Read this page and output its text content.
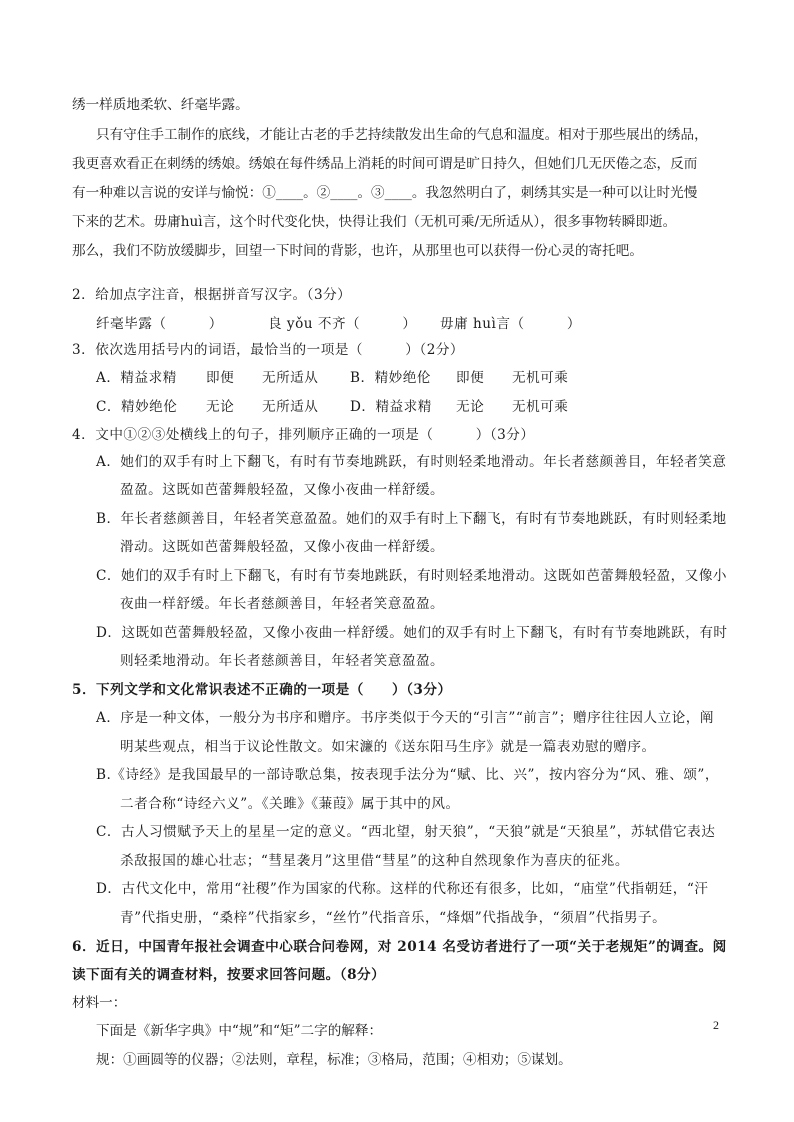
绣一样质地柔软、纤毫毕露。
只有守住手工制作的底线，才能让古老的手艺持续散发出生命的气息和温度。相对于那些展出的绣品，
我更喜欢看正在刺绣的绣娘。绣娘在每件绣品上消耗的时间可谓是旷日持久，但她们几无厌倦之态，反而
有一种难以言说的安详与愉悦：①____。②____。③____。我忽然明白了，刺绣其实是一种可以让时光慢
下来的艺术。毋庸huì言，这个时代变化快，快得让我们（无机可乘/无所适从），很多事物转瞬即逝。
那么，我们不防放缓脚步，回望一下时间的背影，也许，从那里也可以获得一份心灵的寄托吧。
2．给加点字注音，根据拼音写汉字。（3分）
纤毫毕露（　　　）	良 yǒu 不齐（　　　） 毋庸 huì言（　　　）
3．依次选用括号内的词语，最恰当的一项是（　　　）（2分）
A．精益求精 即便 无所适从 B．精妙绝伦 即便 无机可乘
C．精妙绝伦 无论 无所适从 D．精益求精 无论 无机可乘
4．文中①②③处横线上的句子，排列顺序正确的一项是（　　　）（3分）
A．她们的双手有时上下翻飞，有时有节奏地跳跃，有时则轻柔地滑动。年长者慈颜善目，年轻者笑意
盈盈。这既如芭蕾舞般轻盈，又像小夜曲一样舒缓。
B．年长者慈颜善目，年轻者笑意盈盈。她们的双手有时上下翻飞，有时有节奏地跳跃，有时则轻柔地
滑动。这既如芭蕾舞般轻盈，又像小夜曲一样舒缓。
C．她们的双手有时上下翻飞，有时有节奏地跳跃，有时则轻柔地滑动。这既如芭蕾舞般轻盈，又像小
夜曲一样舒缓。年长者慈颜善目，年轻者笑意盈盈。
D．这既如芭蕾舞般轻盈，又像小夜曲一样舒缓。她们的双手有时上下翻飞，有时有节奏地跳跃，有时
则轻柔地滑动。年长者慈颜善目，年轻者笑意盈盈。
5．下列文学和文化常识表述不正确的一项是（　　）（3分）
A．序是一种文体，一般分为书序和赠序。书序类似于今天的“引言”“前言”；赠序往往因人立论，阐
明某些观点，相当于议论性散文。如宋濂的《送东阳马生序》就是一篇表劝慰的赠序。
B.《诗经》是我国最早的一部诗歌总集，按表现手法分为“赋、比、兴”，按内容分为“风、雅、颂”，
二者合称“诗经六义”。《关雎》《蒹葭》属于其中的风。
C．古人习惯赋予天上的星星一定的意义。“西北望，射天狼”，“天狼”就是“天狼星”，苏轼借它表达
杀敌报国的雄心壮志；“彗星袭月”这里借“彗星”的这种自然现象作为喜庆的征兆。
D．古代文化中，常用“社稷”作为国家的代称。这样的代称还有很多，比如，“庙堂”代指朝廷，“汗
青”代指史册，“桑梓”代指家乡，“丝竹”代指音乐，“烽烟”代指战争，“须眉”代指男子。
6．近日，中国青年报社会调查中心联合问卷网，对 2014 名受访者进行了一项“关于老规矩”的调查。阅
读下面有关的调查材料，按要求回答问题。（8分）
材料一：
下面是《新华字典》中“规”和“矩”二字的解释：
规：①画圆等的仪器；②法则，章程，标准；③格局，范围；④相劝；⑤谋划。
2
